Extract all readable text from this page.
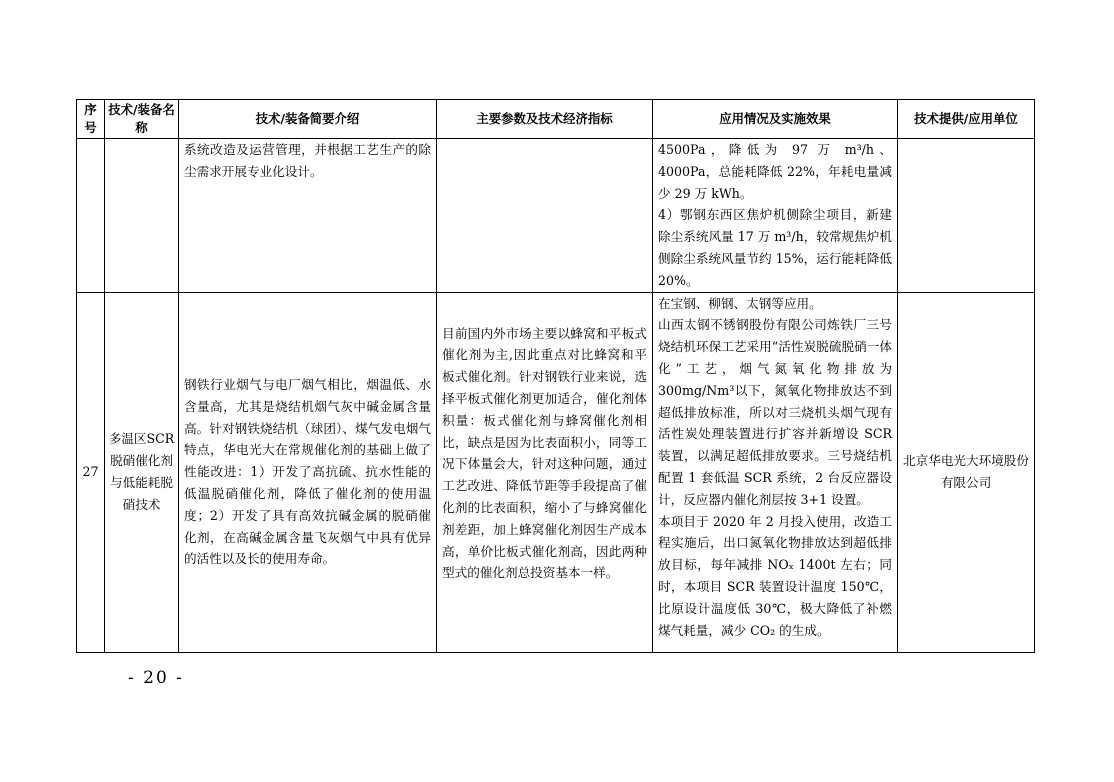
序号	技术/装备名称	技术/装备简要介绍	主要参数及技术经济指标	应用情况及实施效果	技术提供/应用单位
		系统改造及运营管理，并根据工艺生产的除尘需求开展专业化设计。		4500Pa，降低为 97 万 m³/h、4000Pa，总能耗降低 22%，年耗电量减少 29 万 kWh。
4）鄂钢东西区焦炉机侧除尘项目，新建除尘系统风量 17 万 m³/h，较常规焦炉机侧除尘系统风量节约 15%，运行能耗降低 20%。	

27	多温区SCR脱硝催化剂与低能耗脱硝技术	钢铁行业烟气与电厂烟气相比，烟温低、水含量高，尤其是烧结机烟气灰中碱金属含量高。针对钢铁烧结机（球团）、煤气发电烟气特点，华电光大在常规催化剂的基础上做了性能改进：1）开发了高抗硫、抗水性能的低温脱硝催化剂，降低了催化剂的使用温度；2）开发了具有高效抗碱金属的脱硝催化剂，在高碱金属含量飞灰烟气中具有优异的活性以及长的使用寿命。	目前国内外市场主要以蜂窝和平板式催化剂为主,因此重点对比蜂窝和平板式催化剂。针对钢铁行业来说，选择平板式催化剂更加适合，催化剂体积量：板式催化剂与蜂窝催化剂相比，缺点是因为比表面积小，同等工况下体量会大，针对这种问题，通过工艺改进、降低节距等手段提高了催化剂的比表面积，缩小了与蜂窝催化剂差距，加上蜂窝催化剂因生产成本高，单价比板式催化剂高，因此两种型式的催化剂总投资基本一样。	在宝钢、柳钢、太钢等应用。
山西太钢不锈钢股份有限公司炼铁厂三号烧结机环保工艺采用“活性炭脱硫脱硝一体化”工艺，烟气氮氧化物排放为 300mg/Nm³以下，氮氧化物排放达不到超低排放标准，所以对三烧机头烟气现有活性炭处理装置进行扩容并新增设 SCR 装置，以满足超低排放要求。三号烧结机配置 1 套低温 SCR 系统，2 台反应器设计，反应器内催化剂层按 3+1 设置。
本项目于 2020 年 2 月投入使用，改造工程实施后，出口氮氧化物排放达到超低排放目标，每年减排 NOₓ 1400t 左右；同时，本项目 SCR 装置设计温度 150℃，比原设计温度低 30℃，极大降低了补燃煤气耗量，减少 CO₂ 的生成。	北京华电光大环境股份有限公司
- 20 -
